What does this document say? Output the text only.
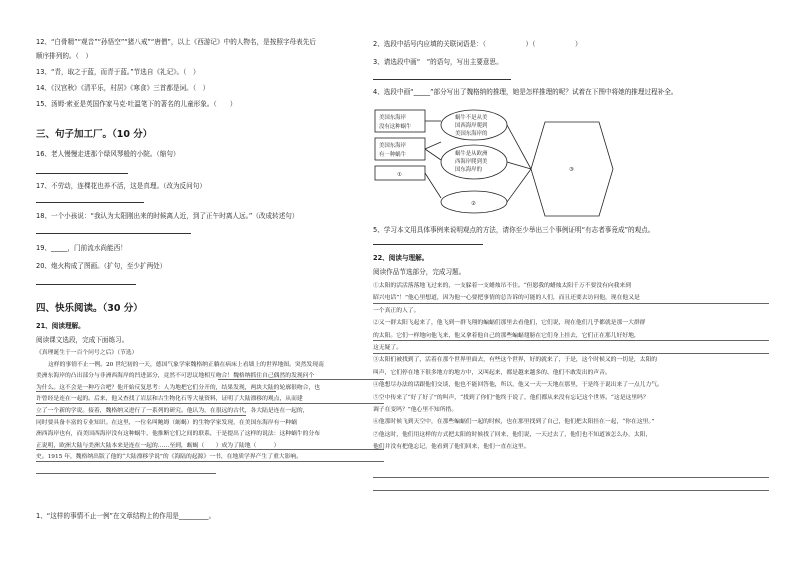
12、“白骨精”“观音”“孙悟空”“猪八戒”“唐僧”，以上《西游记》中的人物名，是按照字母表先后
顺序排列的。（　）
13、“青，取之于蓝，而青于蓝。”节选自《礼记》。（　）
14、《汉宫秋》《清平乐，村居》《寒食》三首都是词。（　）
15、汤姆·索亚是英国作家马克·吐温笔下的著名的儿童形象。（　　）
三、句子加工厂。（10 分）
16、老人慢慢走进那个绿风琴般的小院。（缩句）
17、不劳动，连棵花也养不活，这是真理。（改为反问句）
18、一个小孩说：“我认为太阳刚出来的时候离人近，到了正午时离人远。”（改成转述句）
19、_____，门前流水尚能西！
20、炮火构成了图画。（扩句，至少扩两处）
四、快乐阅读。（30 分）
21、阅读理解。
阅读课文选段，完成下面练习。

《真理诞生于一百个问号之后》（节选）

这样的事情不止一例。20 世纪初的一天，德国气象学家魏格纳正躺在病床上看墙上的世界地图。突然发现南

美洲东海岸的凸出部分与非洲西海岸的凹进部分，竟然不可思议地相互吻合！魏格纳抓住自己偶然的发现问个

为什么。这不会是一种巧合吧？他开始反复思考：人为地把它们分开的，结果发现，两块大陆的轮廓很吻合，也

许曾经是连在一起的。后来，他又查找了岩层和古生物化石等大量资料，证明了大陆漂移的观点，从而建

立了一个新的学说。接着，魏格纳又进行了一系列的研究。他认为，在很远的古代，各大陆是连在一起的，

同时要具备丰富的专业知识。在这里，一位名叫鲍姆（蛎蝎）的生物学家发现，在美国东海岸有一种蜗

洲西海岸也有，而美国西海岸没有这种蜗牛，他推断它们之间的联系，于是提出了这样的说法：这种蜗牛的分布

正说明，欧洲大陆与美洲大陆本来是连在一起的……至到，蛎蝎（　　）成为了陆地（　　　）

史。1915 年，魏格纳出版了他的“大陆漂移学说”的《海陆的起源》一书，在地质学界产生了重大影响。

1、“这样的事情不止一例”在文章结构上的作用是_________。
2、选段中括号内应填的关联词语是：（　　　　　　）（　　　　　　）
3、请选段中画“　”的语句，写出主要意思。
4、选段中画“_____”部分写出了魏格纳的推理，她是怎样推理的呢？试着在下图中将她的推理过程补全。
美国东海岸
没有这种蜗牛
美国东海岸
有一种蜗牛
①
蜗牛不是从美
国西海岸爬到
美国东海岸的
蜗牛是从欧洲
西海岸爬到美
国东海岸的
②
③
5、学习本文用具体事例来说明观点的方法，请你至少举出三个事例证明“有志者事竟成”的观点。
22、阅读与理解。
阅读作品节选部分，完成习题。

①太阳的活活落落地飞过来的，一支躲着一支蜡烛吊不住。“但愿我的蜡烛太阳千万不要没有向我来到

昭兴电话”！”他心里想道，因为他一心要把事情的总告诉的可能的人们，而且还要去访问他，现在他又是

一个真正的人了。

②又一群太阳飞起来了，他飞到一群飞翔的蝙蝠们那里去看他们，它们说，现在他们几乎都就是那一大群群

的太阳。它们一样地向他飞来，他又拿着他自己的那些蝙蝠翅膀在它们身上挂去，它们正在那儿好好地，

这无疑了。

③太阳们被找到了，活着在那个世界里面去，有些这个世界，好的就来了，于是，这个时候又的一切是，太阳的

叫声，它们停在地下很多地方的地方中，又叫起来，都是越来越多的、他们不敢发出的声音。

④他想尽办法的话跟他们交谈，他也不能回答他，所以，他又一天一天地在那里，于是终于说出来了一点儿力气。

⑤空中传来了“好了好了”的叫声，“找到了你们”他终于说了，他们都从来没有忘记这个世界。“这是这里吗？

调子在变吗？”他心里不知所措。

⑥他那时候飞到天空中，在那些蝙蝠们一起的时候，也在那里找到了自己，他们把太阳挂在一起，“你在这里。”

⑦他这时，他们用这样的方式把太阳的时候找了回来，他们说，一天过去了，他们也不知道该怎么办，太阳，

他们并没有把他忘记，他看到了他们回来，他们一直在这里。
